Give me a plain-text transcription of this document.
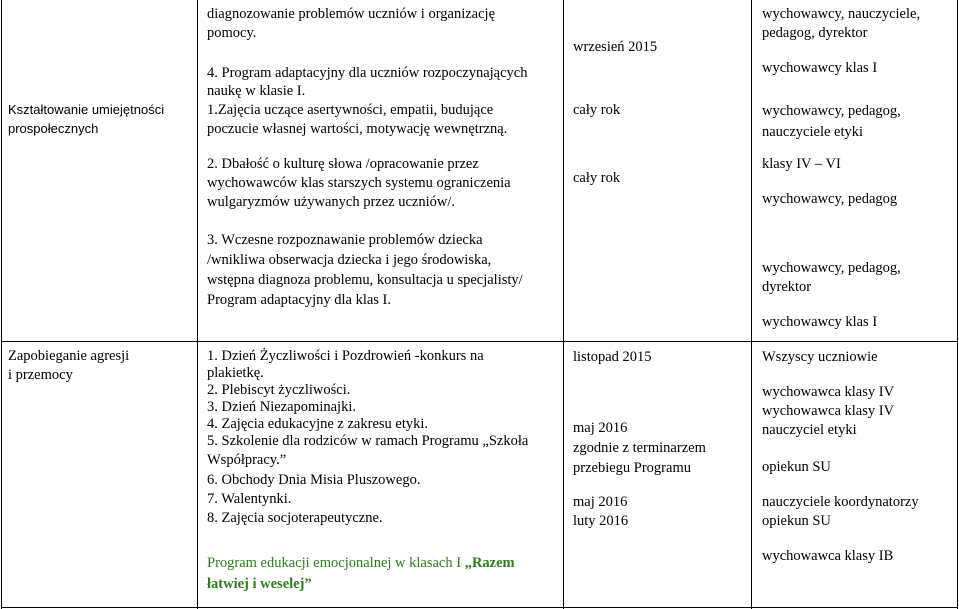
Kształtowanie umiejętności
prospołecznych
diagnozowanie problemów uczniów i organizację
pomocy.
4. Program adaptacyjny dla uczniów rozpoczynających
naukę w klasie I.
1.Zajęcia uczące asertywności, empatii, budujące
poczucie własnej wartości, motywację wewnętrzną.
2. Dbałość o kulturę słowa /opracowanie przez
wychowawców klas starszych systemu ograniczenia
wulgaryzmów używanych przez uczniów/.
3. Wczesne rozpoznawanie problemów dziecka
/wnikliwa obserwacja dziecka i jego środowiska,
wstępna diagnoza problemu, konsultacja u specjalisty/
Program adaptacyjny dla klas I.
wrzesień 2015
cały rok
cały rok
wychowawcy, nauczyciele,
pedagog, dyrektor
wychowawcy klas I
wychowawcy, pedagog,
nauczyciele etyki
klasy IV – VI
wychowawcy, pedagog
wychowawcy, pedagog,
dyrektor
wychowawcy klas I
Zapobieganie agresji
i przemocy
1. Dzień Życzliwości i Pozdrowień -konkurs na
plakietkę.
2. Plebiscyt życzliwości.
3. Dzień Niezapominajki.
4. Zajęcia edukacyjne z zakresu etyki.
5. Szkolenie dla rodziców w ramach Programu „Szkoła
Współpracy.”
6. Obchody Dnia Misia Pluszowego.
7. Walentynki.
8. Zajęcia socjoterapeutyczne.
Program edukacji emocjonalnej w klasach I „Razem
łatwiej i weselej”
listopad 2015
maj 2016
zgodnie z terminarzem
przebiegu Programu
maj 2016
luty 2016
Wszyscy uczniowie
wychowawca klasy IV
wychowawca klasy IV
nauczyciel etyki
opiekun SU
nauczyciele koordynatorzy
opiekun SU
wychowawca klasy IB
